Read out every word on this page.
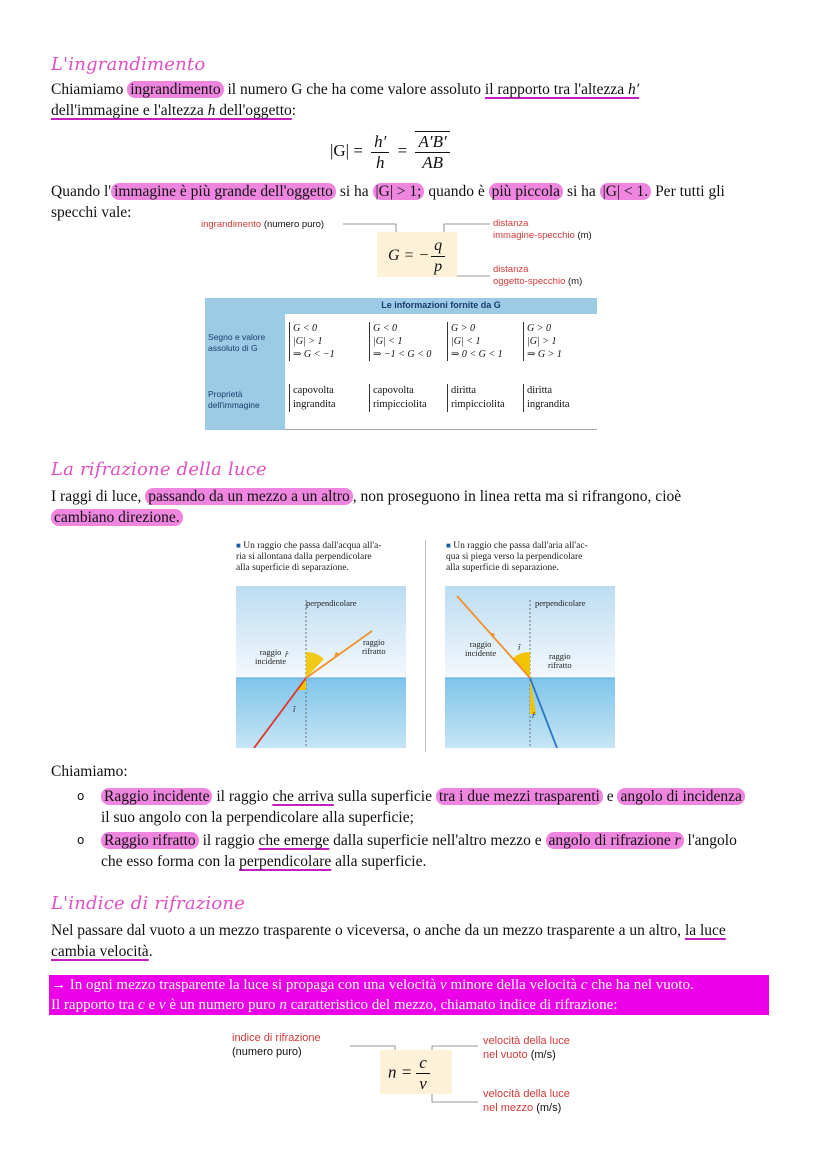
L'ingrandimento
Chiamiamo ingrandimento il numero G che ha come valore assoluto il rapporto tra l'altezza h′
dell'immagine e l'altezza h dell'oggetto:
$|G| = \frac{h'}{h} = \frac{A'B'}{AB}$
Quando l' immagine è più grande dell'oggetto si ha |G| > 1; quando è più piccola si ha |G| < 1. Per tutti gli
specchi vale:
ingrandimento (numero puro)
G = − $\frac{q}{p}$
distanza
immagine-specchio (m)
distanza
oggetto-specchio (m)
Le informazioni fornite da G
Segno e valore
assoluto di G
Proprietà
dell'immagine
G < 0
|G| > 1
⇒ G < −1
G < 0
|G| < 1
⇒ −1 < G < 0
G > 0
|G| < 1
⇒ 0 < G < 1
G > 0
|G| > 1
⇒ G > 1
capovolta
ingrandita
capovolta
rimpicciolita
diritta
rimpicciolita
diritta
ingrandita
La rifrazione della luce
I raggi di luce, passando da un mezzo a un altro , non proseguono in linea retta ma si rifrangono, cioè
cambiano direzione.
■ Un raggio che passa dall'acqua all'a-
ria si allontana dalla perpendicolare
alla superficie di separazione.
■ Un raggio che passa dall'aria all'ac-
qua si piega verso la perpendicolare
alla superficie di separazione.
perpendicolare
raggio
incidente
raggio
rifratto
r̂
î
perpendicolare
raggio
incidente	raggio
rifratto
î
r̂
Chiamiamo:
o Raggio incidente il raggio che arriva sulla superficie tra i due mezzi trasparenti e angolo di incidenza
il suo angolo con la perpendicolare alla superficie;
o Raggio rifratto il raggio che emerge dalla superficie nell'altro mezzo e angolo di rifrazione r l'angolo
che esso forma con la perpendicolare alla superficie.
L'indice di rifrazione
Nel passare dal vuoto a un mezzo trasparente o viceversa, o anche da un mezzo trasparente a un altro, la luce
cambia velocità.
→ In ogni mezzo trasparente la luce si propaga con una velocità v minore della velocità c che ha nel vuoto.
Il rapporto tra c e v è un numero puro n caratteristico del mezzo, chiamato indice di rifrazione:
indice di rifrazione
(numero puro)
$n = \frac{c}{v}$
velocità della luce
nel vuoto (m/s)
velocità della luce
nel mezzo (m/s)
